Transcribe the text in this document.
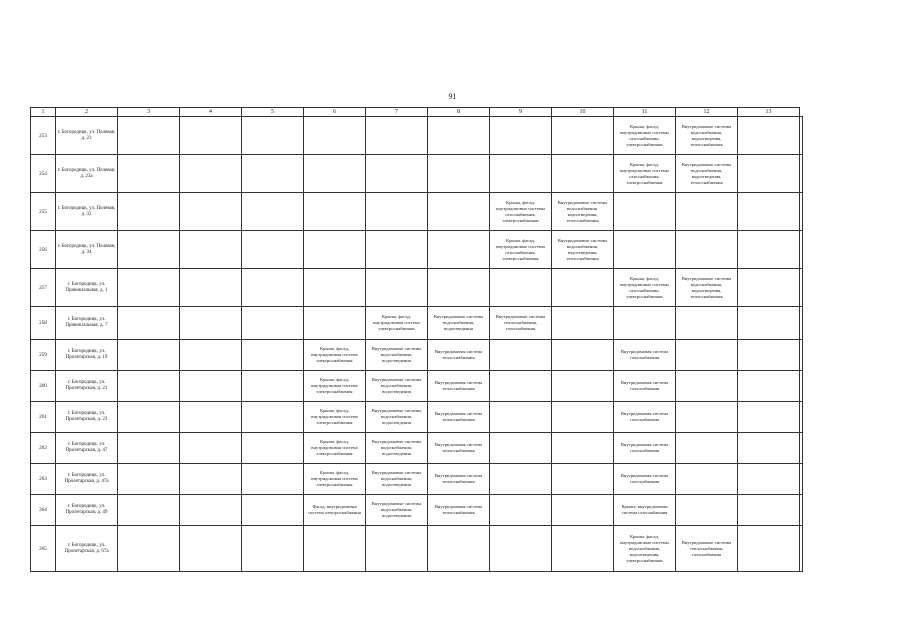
91
1	2	3	4	5	6	7	8	9	10	11	12	13	
253	г. Богородицк, ул. Полевая, д. 23									Крыша, фасад, внутридомовые системы газоснабжения, электроснабжения	Внутридомовые системы водоснабжения, водоотведения, теплоснабжения		

254	г. Богородицк, ул. Полевая, д. 23а									Крыша, фасад, внутридомовые системы газоснабжения, электроснабжения	Внутридомовые системы водоснабжения, водоотведения, теплоснабжения		

255	г. Богородицк, ул. Полевая, д. 32							Крыша, фасад, внутридомовые системы газоснабжения, электроснабжения	Внутридомовые системы водоснабжения, водоотведения, теплоснабжения				

256	г. Богородицк, ул. Полевая, д. 34							Крыша, фасад, внутридомовые системы газоснабжения, электроснабжения	Внутридомовые системы водоснабжения, водоотведения, теплоснабжения				

257	г. Богородицк, ул. Привокзальная, д. 1									Крыша, фасад, внутридомовые системы газоснабжения, электроснабжения	Внутридомовые системы водоснабжения, водоотведения, теплоснабжения		

258	г. Богородицк, ул. Привокзальная, д. 7					Крыша, фасад, внутридомовая система электроснабжения	Внутридомовые системы водоснабжения, водоотведения	Внутридомовые системы теплоснабжения, газоснабжения					

259	г. Богородицк, ул. Пролетарская, д. 19				Крыша, фасад, внутридомовая система электроснабжения	Внутридомовые системы водоснабжения, водоотведения	Внутридомовая система теплоснабжения			Внутридомовая система газоснабжения			

260	г. Богородицк, ул. Пролетарская, д. 21				Крыша, фасад, внутридомовая система электроснабжения	Внутридомовые системы водоснабжения, водоотведения	Внутридомовая система теплоснабжения			Внутридомовая система газоснабжения			

261	г. Богородицк, ул. Пролетарская, д. 23				Крыша, фасад, внутридомовая система электроснабжения	Внутридомовые системы водоснабжения, водоотведения	Внутридомовая система теплоснабжения			Внутридомовая система газоснабжения			

262	г. Богородицк, ул. Пролетарская, д. 47				Крыша, фасад, внутридомовая система электроснабжения	Внутридомовые системы водоснабжения, водоотведения	Внутридомовая система теплоснабжения			Внутридомовая система газоснабжения			

263	г. Богородицк, ул. Пролетарская, д. 47а				Крыша, фасад, внутридомовая система электроснабжения	Внутридомовые системы водоснабжения, водоотведения	Внутридомовая система теплоснабжения			Внутридомовая система газоснабжения			

264	г. Богородицк, ул. Пролетарская, д. 49				Фасад, внутридомовая система электроснабжения	Внутридомовые системы водоснабжения, водоотведения	Внутридомовая система теплоснабжения			Крыша, внутридомовая система газоснабжения			

265	г. Богородицк, ул. Пролетарская, д. 67а									Крыша, фасад, внутридомовые системы водоснабжения, водоотведения, электроснабжения	Внутридомовые системы теплоснабжения, газоснабжения		
